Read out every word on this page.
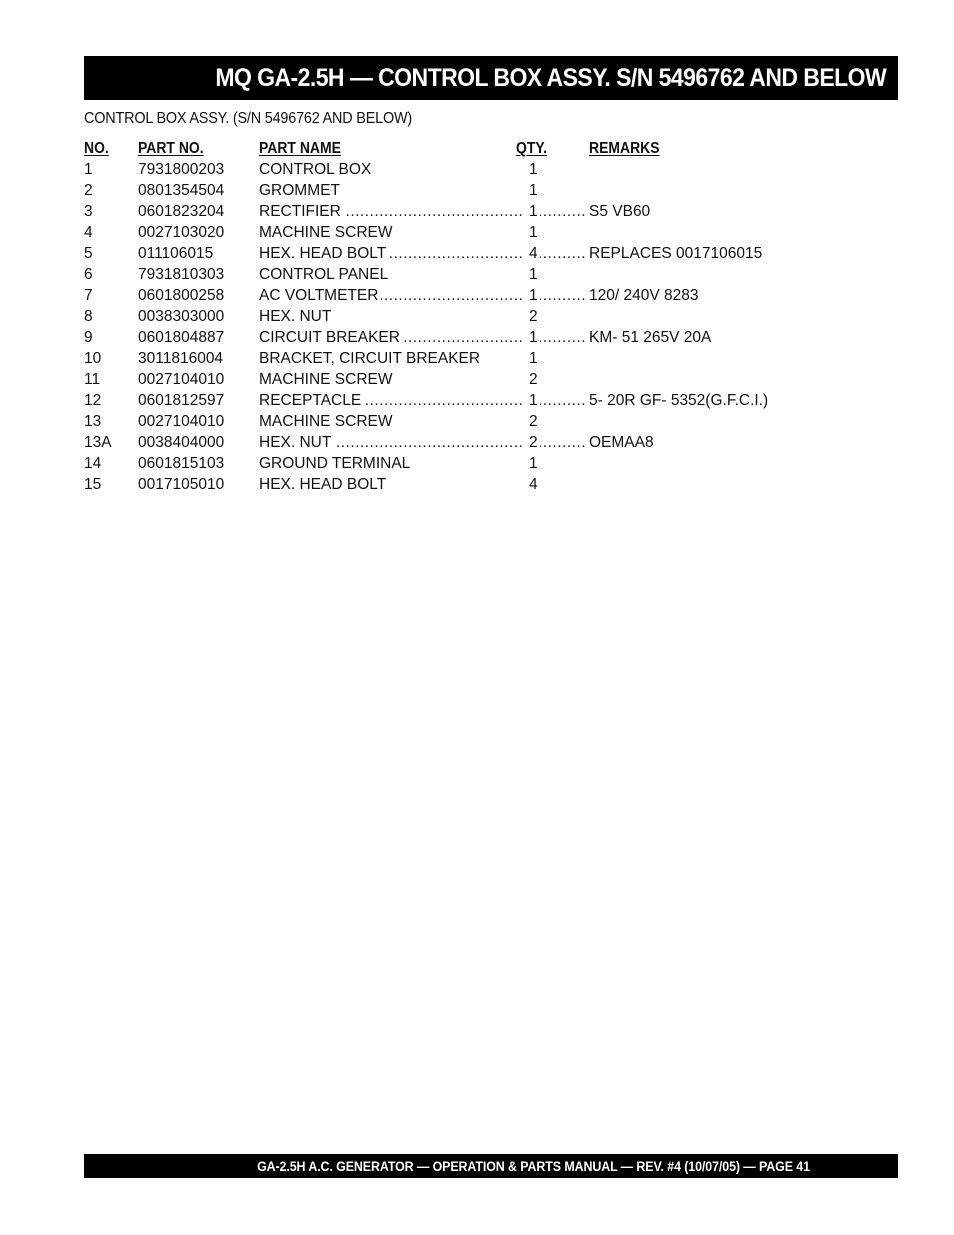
MQ GA-2.5H — CONTROL BOX ASSY. S/N 5496762 AND BELOW
CONTROL BOX ASSY. (S/N 5496762 AND BELOW)
NO. PART NO.	PART NAME	QTY.	REMARKS
1	7931800203 CONTROL BOX	1
2	0801354504 GROMMET	1
.....
.....
3	0601823204 RECTIFIER	1	S5 VB60
4	0027103020 MACHINE SCREW	1
.....
.....
5	011106015	HEX. HEAD BOLT	4	REPLACES 0017106015
6	7931810303 CONTROL PANEL	1
.....
.....
7	0601800258 AC VOLTMETER	1	120/ 240V 8283
8	0038303000 HEX. NUT	2
.....
.....
9	0601804887 CIRCUIT BREAKER	1	KM- 51 265V 20A
10 3011816004 BRACKET, CIRCUIT BREAKER	1
11 0027104010 MACHINE SCREW	2
.....
.....
12 0601812597 RECEPTACLE	1	5- 20R GF- 5352(G.F.C.I.)
13 0027104010 MACHINE SCREW	2
.....
.....
13A 0038404000 HEX. NUT	2	OEMAA8
14 0601815103 GROUND TERMINAL	1
15 0017105010 HEX. HEAD BOLT	4
GA-2.5H A.C. GENERATOR — OPERATION & PARTS MANUAL — REV. #4 (10/07/05) — PAGE 41
